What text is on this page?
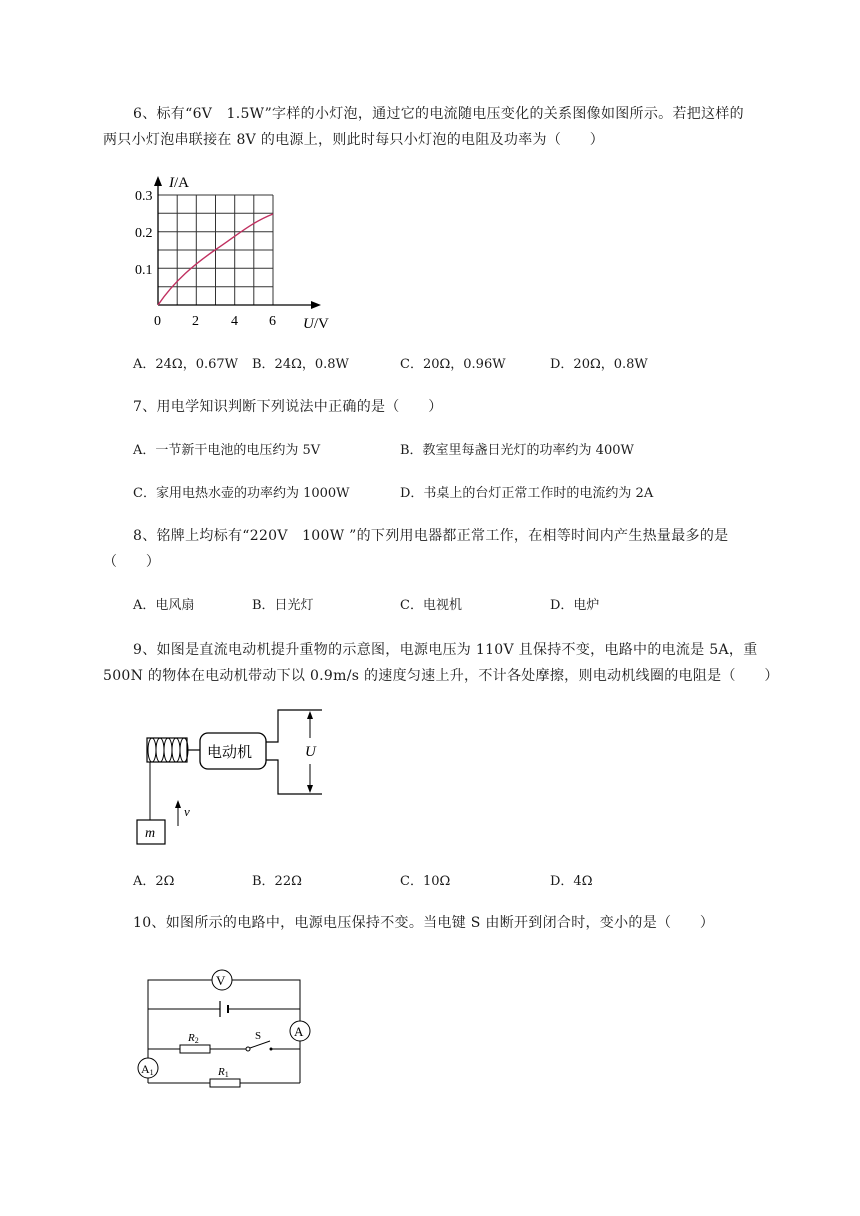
6、标有“6V　1.5W”字样的小灯泡，通过它的电流随电压变化的关系图像如图所示。若把这样的
两只小灯泡串联接在 8V 的电源上，则此时每只小灯泡的电阻及功率为（　　）
I/A
U/V
0.3
0.2
0.1
0 2 4 6
A．24Ω，0.67W B．24Ω，0.8W	C．20Ω，0.96W	D．20Ω，0.8W
7、用电学知识判断下列说法中正确的是（　　）
A．一节新干电池的电压约为 5V	B．教室里每盏日光灯的功率约为 400W
C．家用电热水壶的功率约为 1000W	D．书桌上的台灯正常工作时的电流约为 2A
8、铭牌上均标有“220V　100W ”的下列用电器都正常工作，在相等时间内产生热量最多的是
（　　）
A．电风扇	B．日光灯	C．电视机	D．电炉
9、如图是直流电动机提升重物的示意图，电源电压为 110V 且保持不变，电路中的电流是 5A，重
500N 的物体在电动机带动下以 0.9m/s 的速度匀速上升，不计各处摩擦，则电动机线圈的电阻是（　　）
电动机	U
m
v
A．2Ω	B．22Ω	C．10Ω	D．4Ω
10、如图所示的电路中，电源电压保持不变。当电键 S 由断开到闭合时，变小的是（　　）
V
R2	S	A
A1	R1
